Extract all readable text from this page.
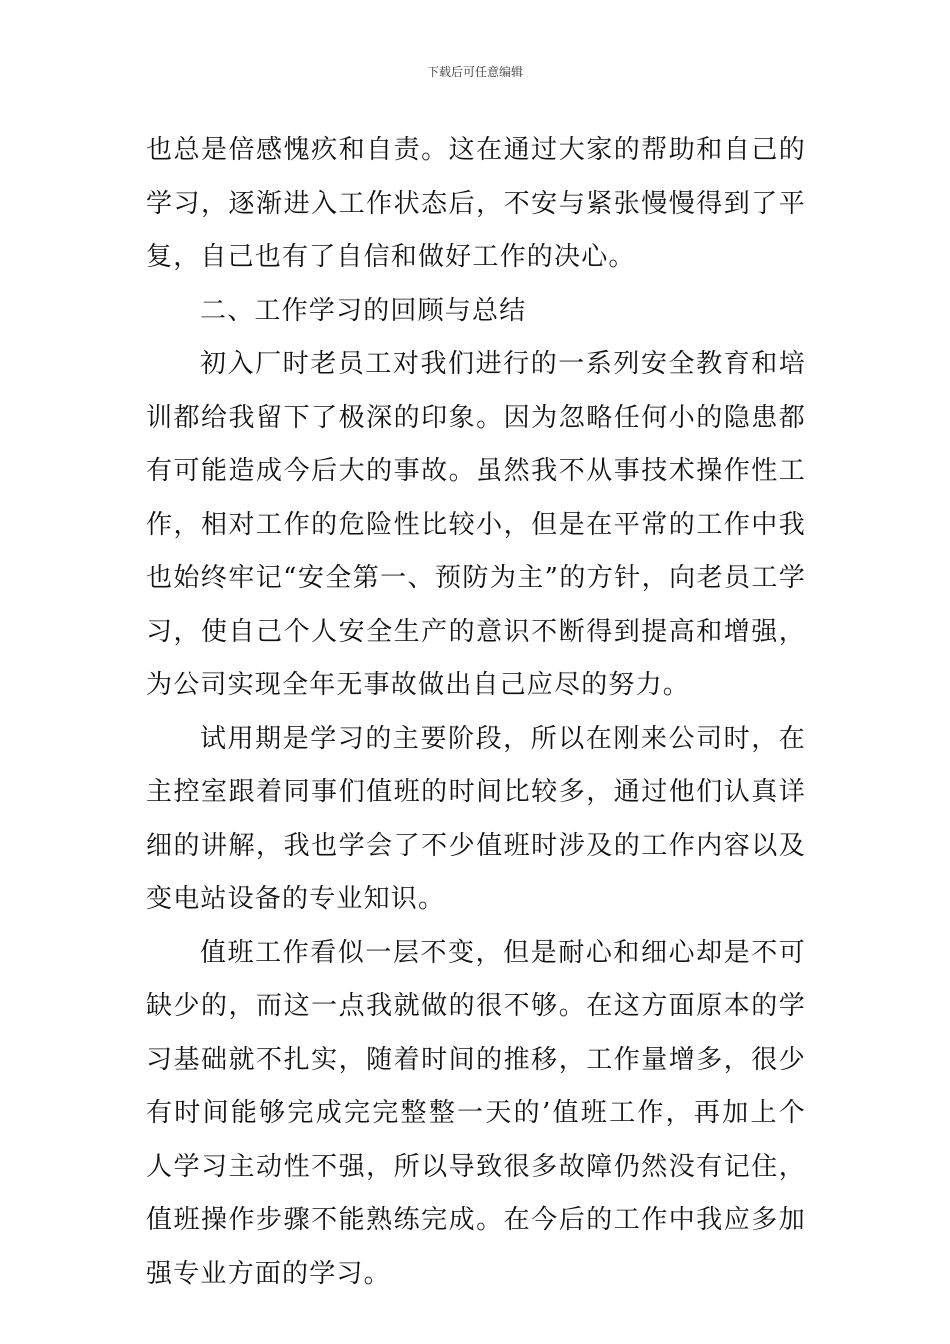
下载后可任意编辑

也总是倍感愧疚和自责。这在通过大家的帮助和自己的学习，逐渐进入工作状态后，不安与紧张慢慢得到了平复，自己也有了自信和做好工作的决心。

二、工作学习的回顾与总结

初入厂时老员工对我们进行的一系列安全教育和培训都给我留下了极深的印象。因为忽略任何小的隐患都有可能造成今后大的事故。虽然我不从事技术操作性工作，相对工作的危险性比较小，但是在平常的工作中我也始终牢记“安全第一、预防为主”的方针，向老员工学习，使自己个人安全生产的意识不断得到提高和增强，为公司实现全年无事故做出自己应尽的努力。

试用期是学习的主要阶段，所以在刚来公司时，在主控室跟着同事们值班的时间比较多，通过他们认真详细的讲解，我也学会了不少值班时涉及的工作内容以及变电站设备的专业知识。

值班工作看似一层不变，但是耐心和细心却是不可缺少的，而这一点我就做的很不够。在这方面原本的学习基础就不扎实，随着时间的推移，工作量增多，很少有时间能够完成完完整整一天的’值班工作，再加上个人学习主动性不强，所以导致很多故障仍然没有记住，值班操作步骤不能熟练完成。在今后的工作中我应多加强专业方面的学习。
